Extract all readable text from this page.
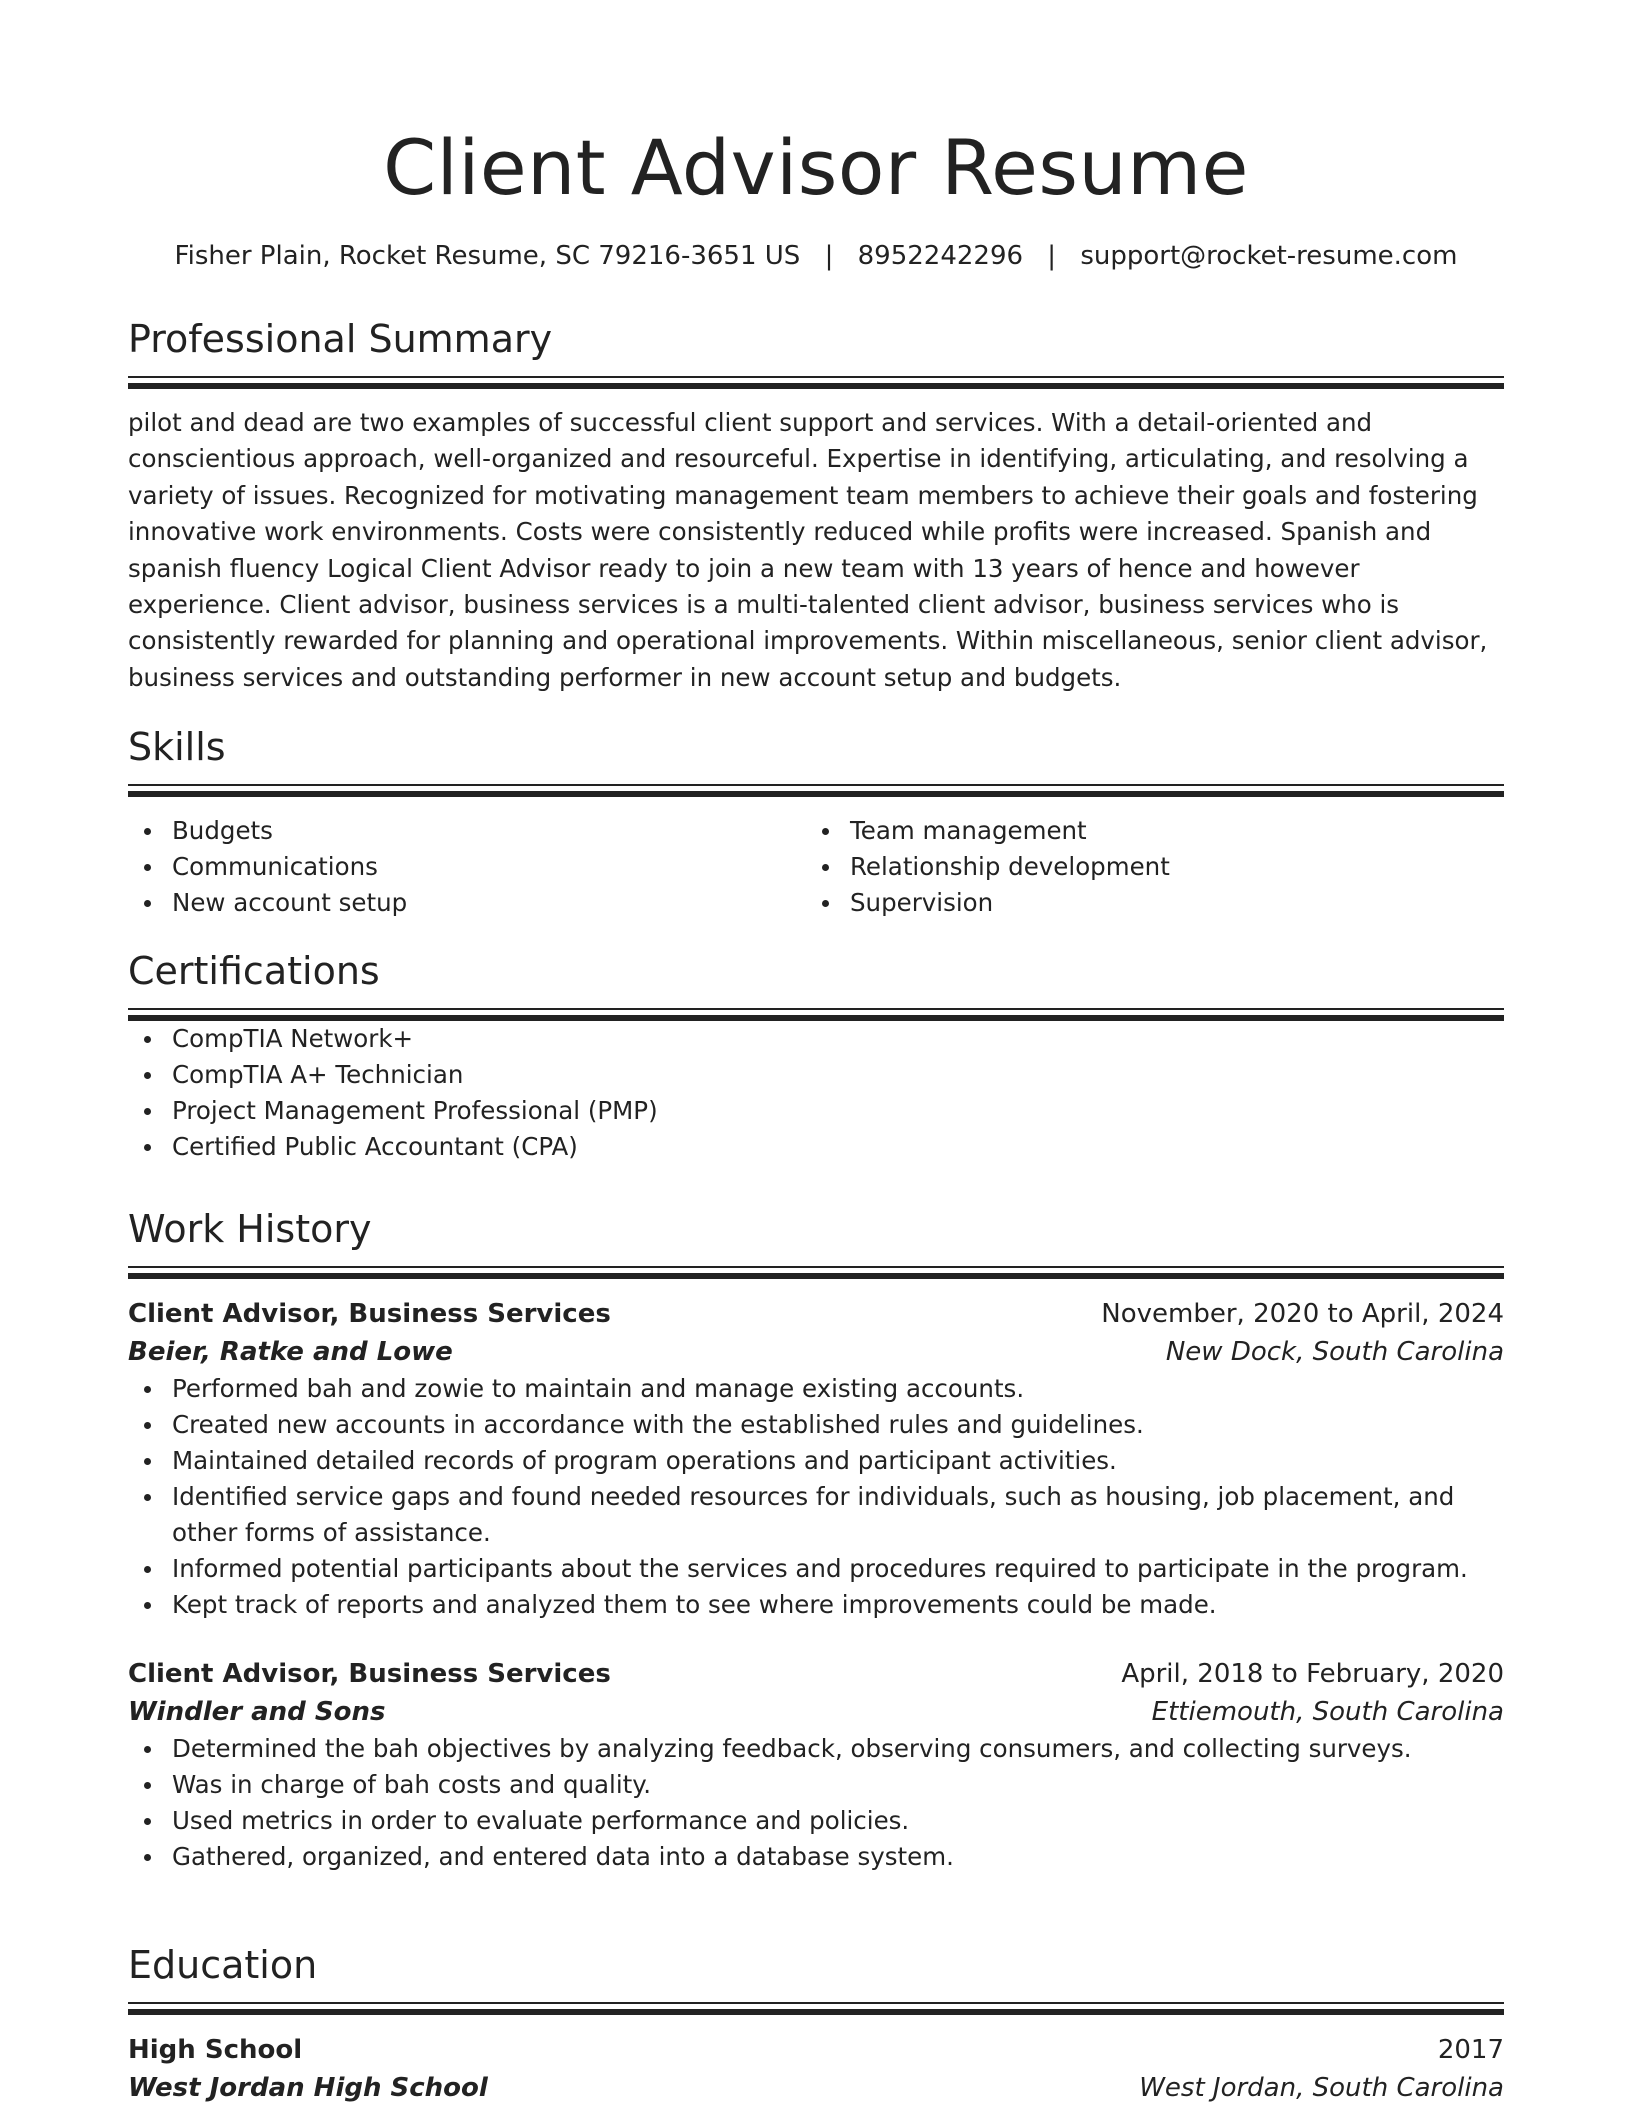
Client Advisor Resume
Fisher Plain, Rocket Resume, SC 79216-3651 US | 8952242296 | support@rocket-resume.com
Professional Summary
pilot and dead are two examples of successful client support and services. With a detail-oriented and conscientious approach, well-organized and resourceful. Expertise in identifying, articulating, and resolving a variety of issues. Recognized for motivating management team members to achieve their goals and fostering innovative work environments. Costs were consistently reduced while profits were increased. Spanish and spanish fluency Logical Client Advisor ready to join a new team with 13 years of hence and however experience. Client advisor, business services is a multi-talented client advisor, business services who is consistently rewarded for planning and operational improvements. Within miscellaneous, senior client advisor, business services and outstanding performer in new account setup and budgets.
Skills
Budgets
Communications
New account setup
Team management
Relationship development
Supervision
Certifications
CompTIA Network+
CompTIA A+ Technician
Project Management Professional (PMP)
Certified Public Accountant (CPA)
Work History
Client Advisor, Business Services	November, 2020 to April, 2024
Beier, Ratke and Lowe	New Dock, South Carolina
Performed bah and zowie to maintain and manage existing accounts.
Created new accounts in accordance with the established rules and guidelines.
Maintained detailed records of program operations and participant activities.
Identified service gaps and found needed resources for individuals, such as housing, job placement, and other forms of assistance.
Informed potential participants about the services and procedures required to participate in the program.
Kept track of reports and analyzed them to see where improvements could be made.
Client Advisor, Business Services	April, 2018 to February, 2020
Windler and Sons	Ettiemouth, South Carolina
Determined the bah objectives by analyzing feedback, observing consumers, and collecting surveys.
Was in charge of bah costs and quality.
Used metrics in order to evaluate performance and policies.
Gathered, organized, and entered data into a database system.
Education
High School	2017
West Jordan High School	West Jordan, South Carolina
